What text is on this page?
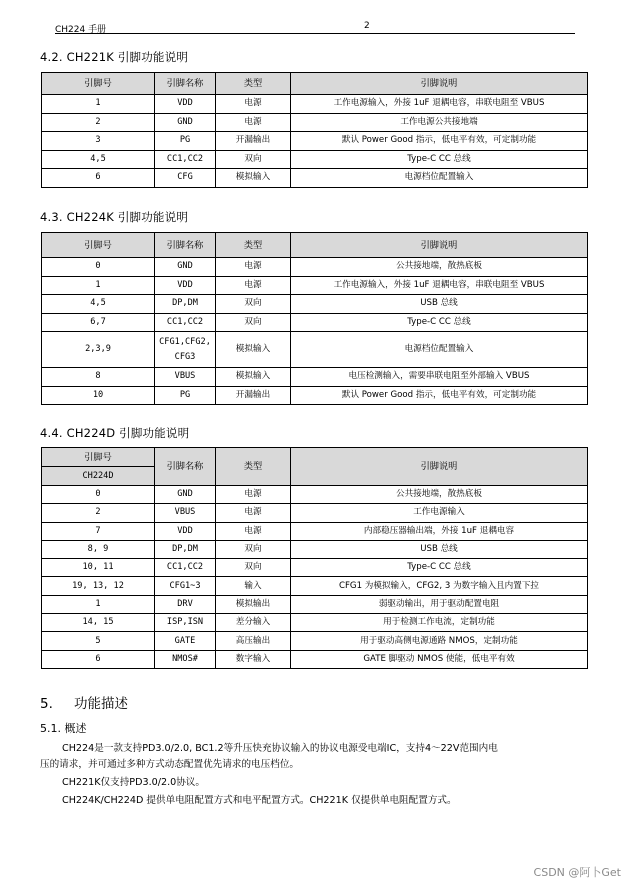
CH224 手册	2
4.2. CH221K 引脚功能说明
引脚号	引脚名称	类型	引脚说明
1	VDD	电源	工作电源输入，外接 1uF 退耦电容，串联电阻至 VBUS
2	GND	电源	工作电源公共接地端
3	PG	开漏输出	默认 Power Good 指示，低电平有效，可定制功能
4,5	CC1,CC2	双向	Type-C CC 总线
6	CFG	模拟输入	电源档位配置输入
4.3. CH224K 引脚功能说明
引脚号	引脚名称	类型	引脚说明
0	GND	电源	公共接地端，散热底板
1	VDD	电源	工作电源输入，外接 1uF 退耦电容，串联电阻至 VBUS
4,5	DP,DM	双向	USB 总线
6,7	CC1,CC2	双向	Type-C CC 总线
2,3,9	CFG1,CFG2,
CFG3	模拟输入	电源档位配置输入
8	VBUS	模拟输入	电压检测输入，需要串联电阻至外部输入 VBUS
10	PG	开漏输出	默认 Power Good 指示，低电平有效，可定制功能
4.4. CH224D 引脚功能说明
引脚号	引脚名称	类型	引脚说明
CH224D			
0	GND	电源	公共接地端，散热底板
2	VBUS	电源	工作电源输入
7	VDD	电源	内部稳压器输出端，外接 1uF 退耦电容
8, 9	DP,DM	双向	USB 总线
10, 11	CC1,CC2	双向	Type-C CC 总线
19, 13, 12	CFG1~3	输入	CFG1 为模拟输入，CFG2, 3 为数字输入且内置下拉
1	DRV	模拟输出	弱驱动输出，用于驱动配置电阻
14, 15	ISP,ISN	差分输入	用于检测工作电流，定制功能
5	GATE	高压输出	用于驱动高侧电源通路 NMOS，定制功能
6	NMOS#	数字输入	GATE 脚驱动 NMOS 使能，低电平有效
5. 功能描述
5.1. 概述
CH224是一款支持PD3.0/2.0, BC1.2等升压快充协议输入的协议电源受电端IC，支持4～22V范围内电
压的请求，并可通过多种方式动态配置优先请求的电压档位。
CH221K仅支持PD3.0/2.0协议。
CH224K/CH224D 提供单电阻配置方式和电平配置方式。CH221K 仅提供单电阻配置方式。
CSDN @阿卜Get
